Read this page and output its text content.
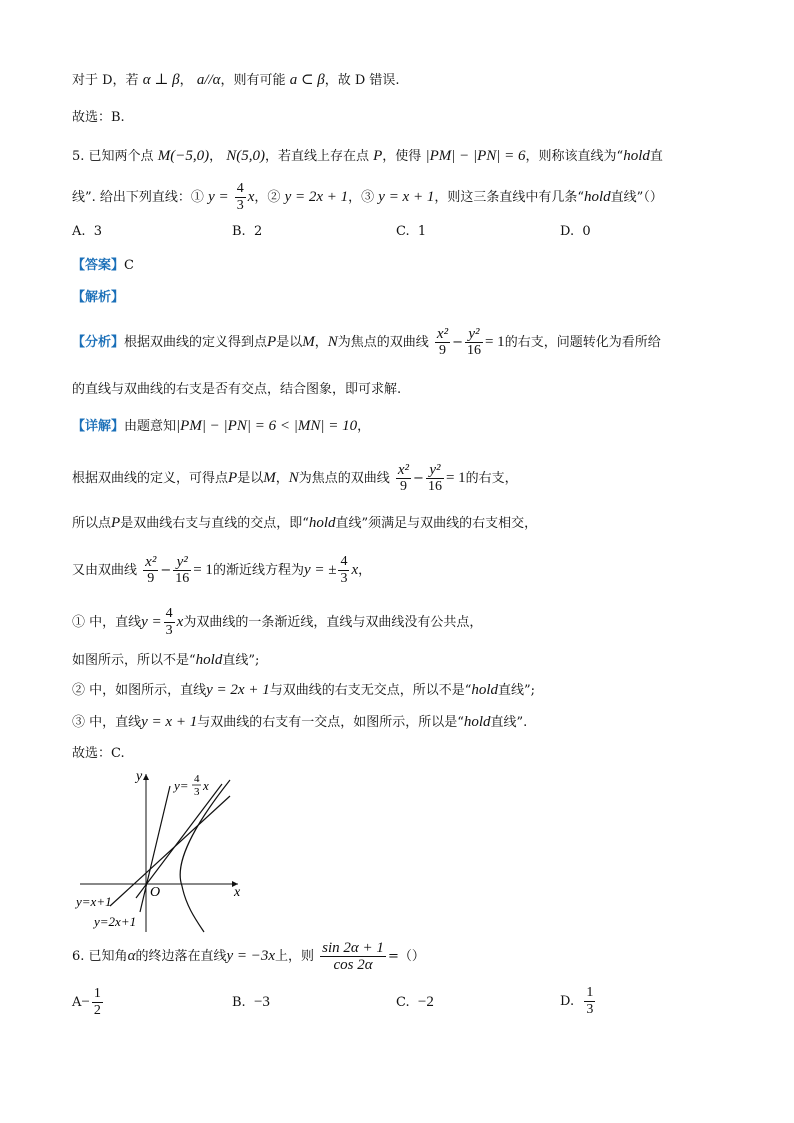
对于 D，若 α ⊥ β， a//α，则有可能 a ⊂ β，故 D 错误.
故选：B.
5. 已知两个点 M(−5,0)， N(5,0)，若直线上存在点 P，使得 |PM| − |PN| = 6，则称该直线为“hold直
线”. 给出下列直线：① $y = \frac{4}{3}$ x，② y = 2x + 1，③ y = x + 1，则这三条直线中有几条“hold直线”（）
A. 3	B. 2	C. 1	D. 0
【答案】C
【解析】
【分析】根据双曲线的定义得到点P是以M，N为焦点的双曲线 $\frac{\text{x²}}{9} - \frac{\text{y²}}{16} = 1$的右支，问题转化为看所给
的直线与双曲线的右支是否有交点，结合图象，即可求解.
【详解】由题意知|PM| − |PN| = 6 < |MN| = 10，
根据双曲线的定义，可得点P是以M，N为焦点的双曲线 $\frac{\text{x²}}{9} - \frac{\text{y²}}{16} = 1$的右支，
所以点P是双曲线右支与直线的交点，即“hold直线”须满足与双曲线的右支相交，
又由双曲线 $\frac{\text{x²}}{9} - \frac{\text{y²}}{16} = 1$的渐近线方程为y = ± $\frac{4}{3}$ x，
① 中，直线$y = \frac{4}{3}$ x为双曲线的一条渐近线，直线与双曲线没有公共点，
如图所示，所以不是“hold直线”;
② 中，如图所示，直线y = 2x + 1与双曲线的右支无交点，所以不是“hold直线”;
③ 中，直线y = x + 1与双曲线的右支有一交点，如图所示，所以是“hold直线”.
故选：C.
y
x
O
y= 4
3 x
y=x+1
y=2x+1
6. 已知角α的终边落在直线y = −3x上，则 $\frac{\sin 2\alpha + 1}{\cos 2\alpha}$ =（）
$A- \frac{1}{2}$	B. −3	C. −2	D. $\frac{1}{3}$
